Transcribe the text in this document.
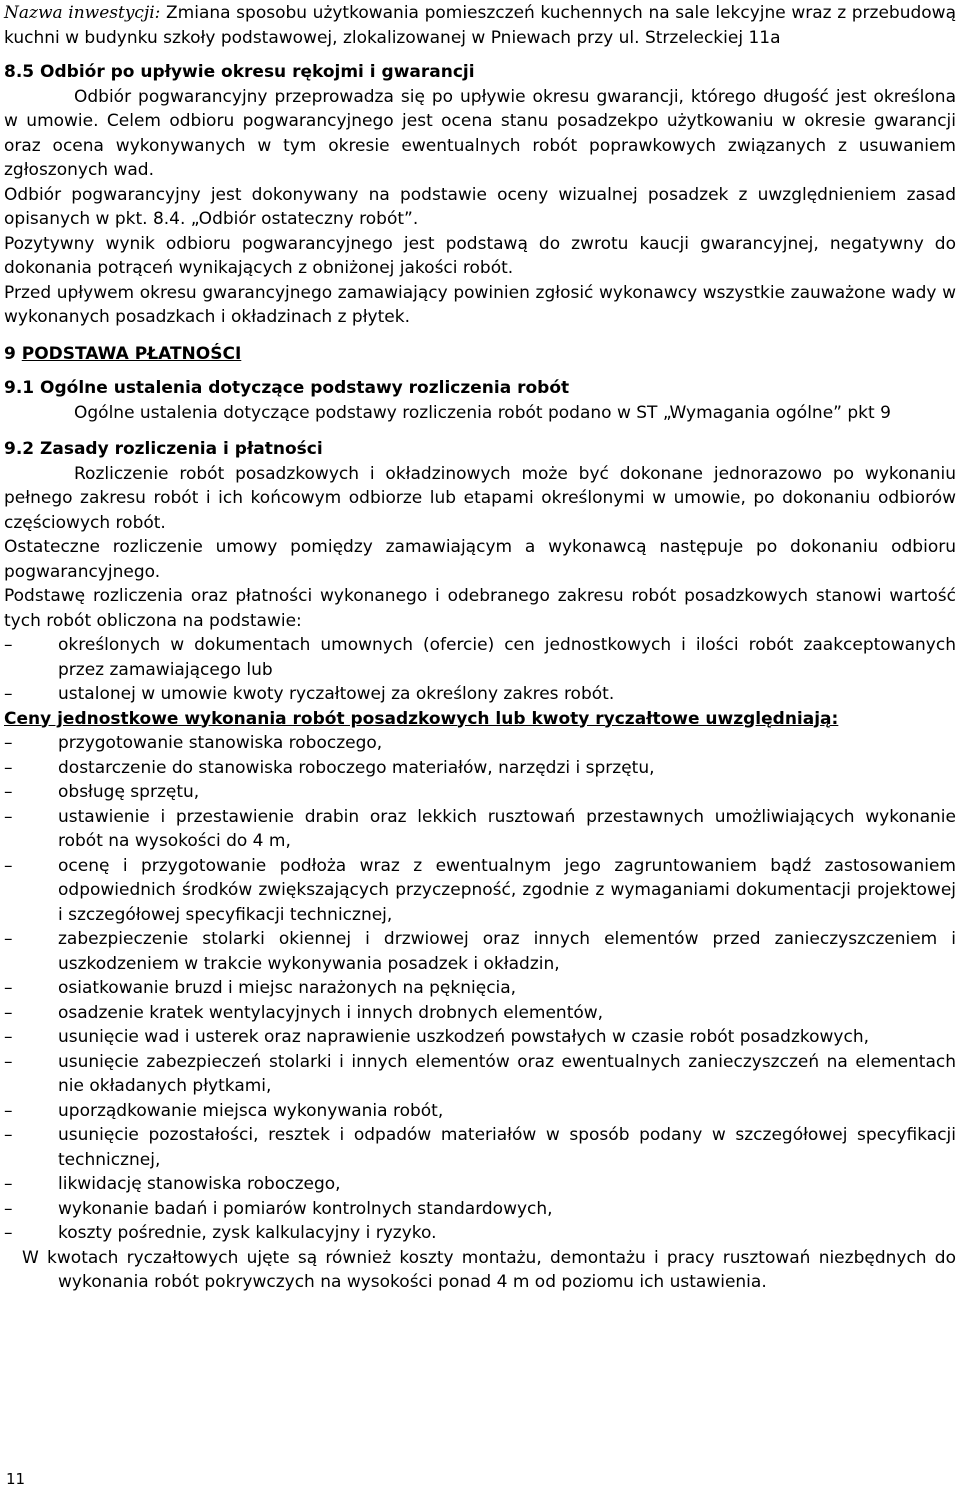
Nazwa inwestycji: Zmiana sposobu użytkowania pomieszczeń kuchennych na sale lekcyjne wraz z przebudową kuchni w budynku szkoły podstawowej, zlokalizowanej w Pniewach przy ul. Strzeleckiej 11a

8.5 Odbiór po upływie okresu rękojmi i gwarancji

Odbiór pogwarancyjny przeprowadza się po upływie okresu gwarancji, którego długość jest określona w umowie. Celem odbioru pogwarancyjnego jest ocena stanu posadzekpo użytkowaniu w okresie gwarancji oraz ocena wykonywanych w tym okresie ewentualnych robót poprawkowych związanych z usuwaniem zgłoszonych wad.

Odbiór pogwarancyjny jest dokonywany na podstawie oceny wizualnej posadzek z uwzględnieniem zasad opisanych w pkt. 8.4. „Odbiór ostateczny robót”.

Pozytywny wynik odbioru pogwarancyjnego jest podstawą do zwrotu kaucji gwarancyjnej, negatywny do dokonania potrąceń wynikających z obniżonej jakości robót.

Przed upływem okresu gwarancyjnego zamawiający powinien zgłosić wykonawcy wszystkie zauważone wady w wykonanych posadzkach i okładzinach z płytek.

9 PODSTAWA PŁATNOŚCI

9.1 Ogólne ustalenia dotyczące podstawy rozliczenia robót

Ogólne ustalenia dotyczące podstawy rozliczenia robót podano w ST „Wymagania ogólne” pkt 9

9.2 Zasady rozliczenia i płatności

Rozliczenie robót posadzkowych i okładzinowych może być dokonane jednorazowo po wykonaniu pełnego zakresu robót i ich końcowym odbiorze lub etapami określonymi w umowie, po dokonaniu odbiorów częściowych robót.

Ostateczne rozliczenie umowy pomiędzy zamawiającym a wykonawcą następuje po dokonaniu odbioru pogwarancyjnego.

Podstawę rozliczenia oraz płatności wykonanego i odebranego zakresu robót posadzkowych stanowi wartość tych robót obliczona na podstawie:

–	określonych w dokumentach umownych (ofercie) cen jednostkowych i ilości robót zaakceptowanych przez zamawiającego lub
–	ustalonej w umowie kwoty ryczałtowej za określony zakres robót.

Ceny jednostkowe wykonania robót posadzkowych lub kwoty ryczałtowe uwzględniają:

–	przygotowanie stanowiska roboczego,
–	dostarczenie do stanowiska roboczego materiałów, narzędzi i sprzętu,
–	obsługę sprzętu,
–	ustawienie i przestawienie drabin oraz lekkich rusztowań przestawnych umożliwiających wykonanie robót na wysokości do 4 m,
–	ocenę i przygotowanie podłoża wraz z ewentualnym jego zagruntowaniem bądź zastosowaniem odpowiednich środków zwiększających przyczepność, zgodnie z wymaganiami dokumentacji projektowej i szczegółowej specyfikacji technicznej,
–	zabezpieczenie stolarki okiennej i drzwiowej oraz innych elementów przed zanieczyszczeniem i uszkodzeniem w trakcie wykonywania posadzek i okładzin,
–	osiatkowanie bruzd i miejsc narażonych na pęknięcia,
–	osadzenie kratek wentylacyjnych i innych drobnych elementów,
–	usunięcie wad i usterek oraz naprawienie uszkodzeń powstałych w czasie robót posadzkowych,
–	usunięcie zabezpieczeń stolarki i innych elementów oraz ewentualnych zanieczyszczeń na elementach nie okładanych płytkami,
–	uporządkowanie miejsca wykonywania robót,
–	usunięcie pozostałości, resztek i odpadów materiałów w sposób podany w szczegółowej specyfikacji technicznej,
–	likwidację stanowiska roboczego,
–	wykonanie badań i pomiarów kontrolnych standardowych,
–	koszty pośrednie, zysk kalkulacyjny i ryzyko.

W kwotach ryczałtowych ujęte są również koszty montażu, demontażu i pracy rusztowań niezbędnych do wykonania robót pokrywczych na wysokości ponad 4 m od poziomu ich ustawienia.

11
